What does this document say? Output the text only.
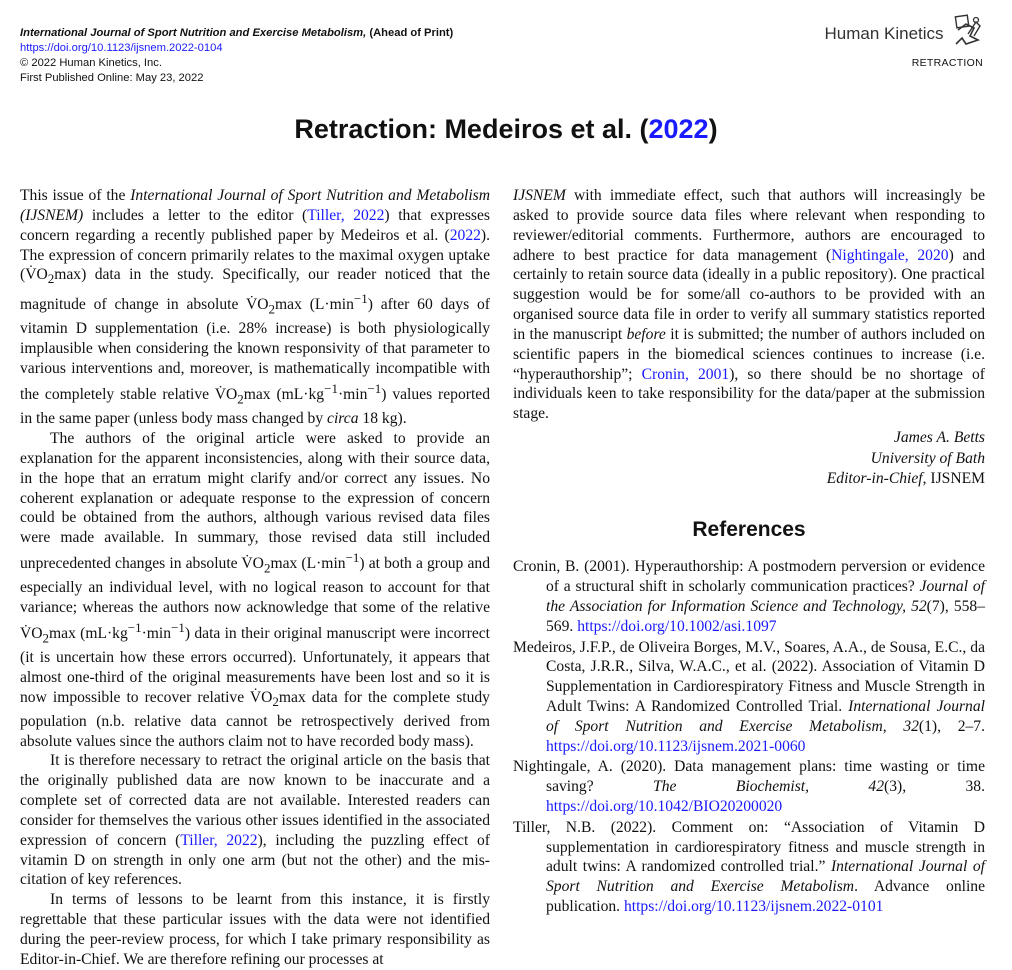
International Journal of Sport Nutrition and Exercise Metabolism, (Ahead of Print)
https://doi.org/10.1123/ijsnem.2022-0104
© 2022 Human Kinetics, Inc.
First Published Online: May 23, 2022
Human Kinetics
RETRACTION
Retraction: Medeiros et al. (2022)

This issue of the International Journal of Sport Nutrition and Metabolism (IJSNEM) includes a letter to the editor (Tiller, 2022) that expresses concern regarding a recently published paper by Medeiros et al. (2022). The expression of concern primarily relates to the maximal oxygen uptake $(V̇O_2\max)$ data in the study. Specifically, our reader noticed that the magnitude of change in absolute $V̇O_2\max$ $(L\cdot\min^{-1})$ after 60 days of vitamin D supplementation (i.e. 28% increase) is both physiologically implausible when considering the known responsivity of that parameter to various interventions and, moreover, is mathematically incompatible with the completely stable relative $V̇O_2\max$ $(mL\cdot kg^{-1}\cdot\min^{-1})$ values reported in the same paper (unless body mass changed by circa 18 kg).

The authors of the original article were asked to provide an explanation for the apparent inconsistencies, along with their source data, in the hope that an erratum might clarify and/or correct any issues. No coherent explanation or adequate response to the expression of concern could be obtained from the authors, although various revised data files were made available. In summary, those revised data still included unprecedented changes in absolute $V̇O_2\max$ $(L\cdot\min^{-1})$ at both a group and especially an individual level, with no logical reason to account for that variance; whereas the authors now acknowledge that some of the relative $V̇O_2\max$ $(mL\cdot kg^{-1}\cdot\min^{-1})$ data in their original manuscript were incorrect (it is uncertain how these errors occurred). Unfortunately, it appears that almost one-third of the original measurements have been lost and so it is now impossible to recover relative $V̇O_2\max$ data for the complete study population (n.b. relative data cannot be retrospectively derived from absolute values since the authors claim not to have recorded body mass).

It is therefore necessary to retract the original article on the basis that the originally published data are now known to be inaccurate and a complete set of corrected data are not available. Interested readers can consider for themselves the various other issues identified in the associated expression of concern (Tiller, 2022), including the puzzling effect of vitamin D on strength in only one arm (but not the other) and the mis-citation of key references.

In terms of lessons to be learnt from this instance, it is firstly regrettable that these particular issues with the data were not identified during the peer-review process, for which I take primary responsibility as Editor-in-Chief. We are therefore refining our processes at

IJSNEM with immediate effect, such that authors will increasingly be asked to provide source data files where relevant when responding to reviewer/editorial comments. Furthermore, authors are encouraged to adhere to best practice for data management (Nightingale, 2020) and certainly to retain source data (ideally in a public repository). One practical suggestion would be for some/all co-authors to be provided with an organised source data file in order to verify all summary statistics reported in the manuscript before it is submitted; the number of authors included on scientific papers in the biomedical sciences continues to increase (i.e. “hyperauthorship”; Cronin, 2001), so there should be no shortage of individuals keen to take responsibility for the data/paper at the submission stage.

James A. Betts
University of Bath
Editor-in-Chief, IJSNEM
References
Cronin, B. (2001). Hyperauthorship: A postmodern perversion or evidence of a structural shift in scholarly communication practices? Journal of the Association for Information Science and Technology, 52(7), 558–569. https://doi.org/10.1002/asi.1097
Medeiros, J.F.P., de Oliveira Borges, M.V., Soares, A.A., de Sousa, E.C., da Costa, J.R.R., Silva, W.A.C., et al. (2022). Association of Vitamin D Supplementation in Cardiorespiratory Fitness and Muscle Strength in Adult Twins: A Randomized Controlled Trial. International Journal of Sport Nutrition and Exercise Metabolism, 32(1), 2–7. https://doi.org/10.1123/ijsnem.2021-0060
Nightingale, A. (2020). Data management plans: time wasting or time saving? The Biochemist, 42(3), 38. https://doi.org/10.1042/BIO20200020
Tiller, N.B. (2022). Comment on: “Association of Vitamin D supplementation in cardiorespiratory fitness and muscle strength in adult twins: A randomized controlled trial.” International Journal of Sport Nutrition and Exercise Metabolism. Advance online publication. https://doi.org/10.1123/ijsnem.2022-0101
